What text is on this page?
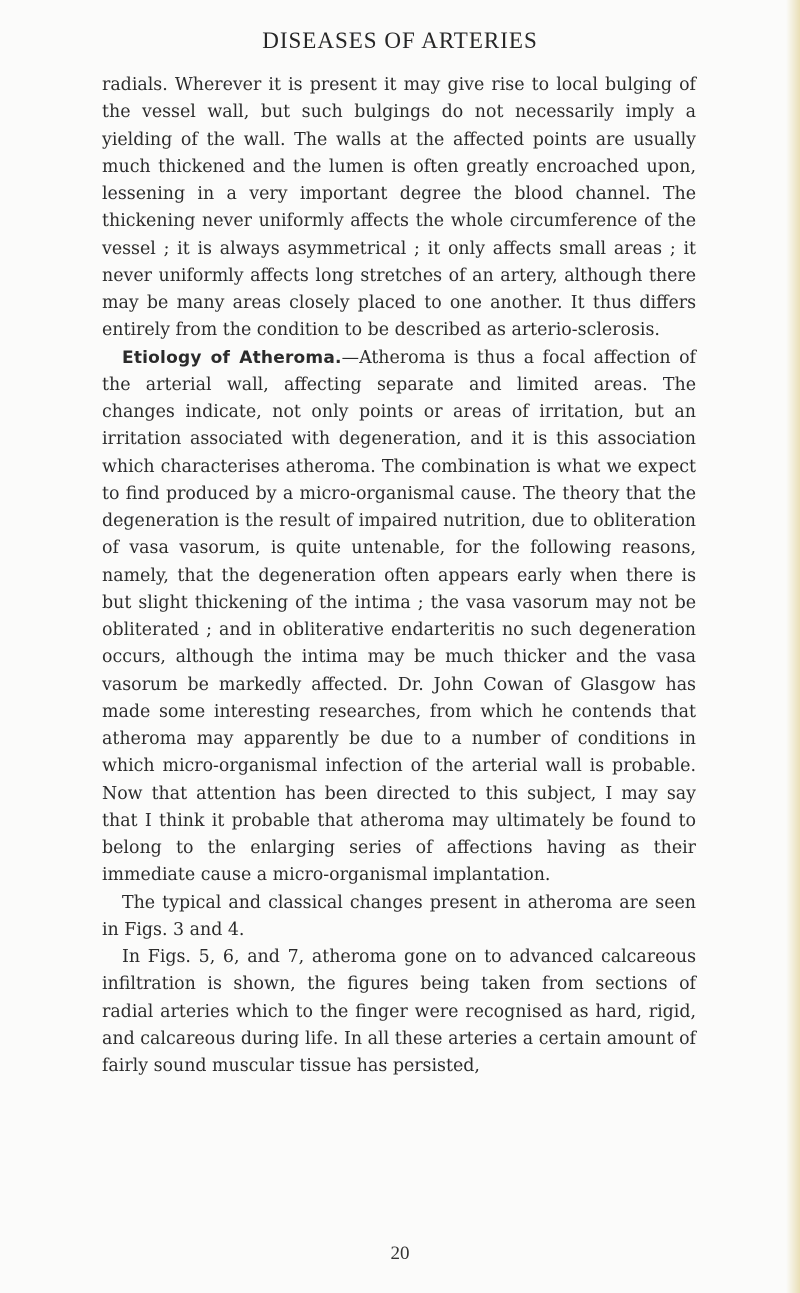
DISEASES OF ARTERIES

radials. Wherever it is present it may give rise to local bulging of the vessel wall, but such bulgings do not necessarily imply a yielding of the wall. The walls at the affected points are usually much thickened and the lumen is often greatly encroached upon, lessening in a very important degree the blood channel. The thickening never uniformly affects the whole circumference of the vessel ; it is always asymmetrical ; it only affects small areas ; it never uniformly affects long stretches of an artery, although there may be many areas closely placed to one another. It thus differs entirely from the condition to be described as arterio-sclerosis.

Etiology of Atheroma.—Atheroma is thus a focal affection of the arterial wall, affecting separate and limited areas. The changes indicate, not only points or areas of irritation, but an irritation associated with degeneration, and it is this association which characterises atheroma. The combination is what we expect to find produced by a micro-organismal cause. The theory that the degeneration is the result of impaired nutrition, due to obliteration of vasa vasorum, is quite untenable, for the following reasons, namely, that the degeneration often appears early when there is but slight thickening of the intima ; the vasa vasorum may not be obliterated ; and in obliterative endarteritis no such degeneration occurs, although the intima may be much thicker and the vasa vasorum be markedly affected. Dr. John Cowan of Glasgow has made some interesting researches, from which he contends that atheroma may apparently be due to a number of conditions in which micro-organismal infection of the arterial wall is probable. Now that attention has been directed to this subject, I may say that I think it probable that atheroma may ultimately be found to belong to the enlarging series of affections having as their immediate cause a micro-organismal implantation.

The typical and classical changes present in atheroma are seen in Figs. 3 and 4.

In Figs. 5, 6, and 7, atheroma gone on to advanced calcareous infiltration is shown, the figures being taken from sections of radial arteries which to the finger were recognised as hard, rigid, and calcareous during life. In all these arteries a certain amount of fairly sound muscular tissue has persisted,

20
